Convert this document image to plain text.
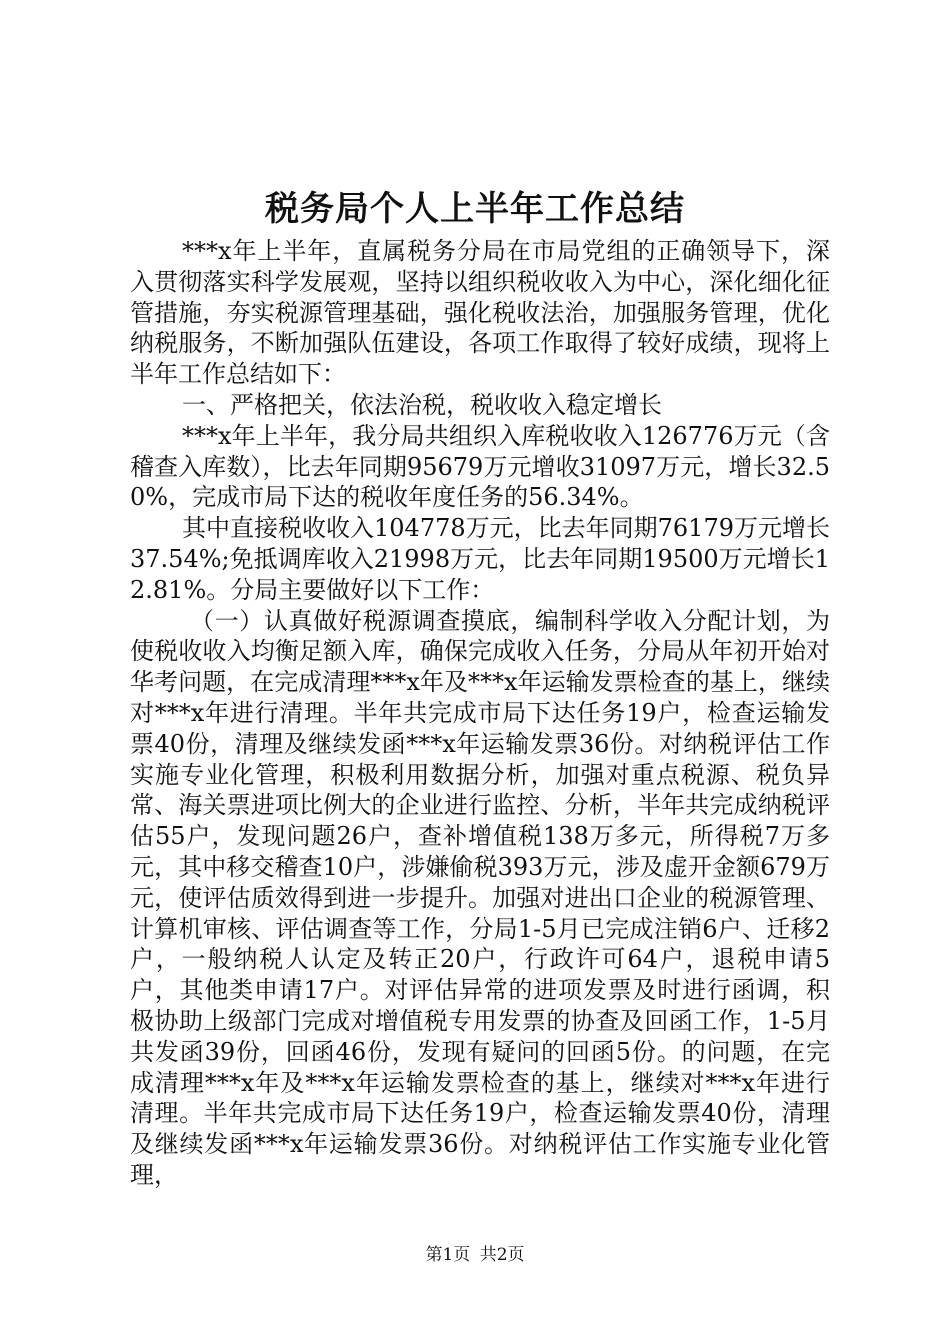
税务局个人上半年工作总结

***x年上半年，直属税务分局在市局党组的正确领导下，深入贯彻落实科学发展观，坚持以组织税收收入为中心，深化细化征管措施，夯实税源管理基础，强化税收法治，加强服务管理，优化纳税服务，不断加强队伍建设，各项工作取得了较好成绩，现将上半年工作总结如下：

一、严格把关，依法治税，税收收入稳定增长

***x年上半年，我分局共组织入库税收收入126776万元（含稽查入库数），比去年同期95679万元增收31097万元，增长32.50%，完成市局下达的税收年度任务的56.34%。

其中直接税收收入104778万元，比去年同期76179万元增长37.54%;免抵调库收入21998万元，比去年同期19500万元增长12.81%。分局主要做好以下工作：

（一）认真做好税源调查摸底，编制科学收入分配计划，为使税收收入均衡足额入库，确保完成收入任务，分局从年初开始对华考问题，在完成清理***x年及***x年运输发票检查的基上，继续对***x年进行清理。半年共完成市局下达任务19户，检查运输发票40份，清理及继续发函***x年运输发票36份。对纳税评估工作实施专业化管理，积极利用数据分析，加强对重点税源、税负异常、海关票进项比例大的企业进行监控、分析，半年共完成纳税评估55户，发现问题26户，查补增值税138万多元，所得税7万多元，其中移交稽查10户，涉嫌偷税393万元，涉及虚开金额679万元，使评估质效得到进一步提升。加强对进出口企业的税源管理、计算机审核、评估调查等工作，分局1-5月已完成注销6户、迁移2户，一般纳税人认定及转正20户，行政许可64户，退税申请5户，其他类申请17户。对评估异常的进项发票及时进行函调，积极协助上级部门完成对增值税专用发票的协查及回函工作，1-5月共发函39份，回函46份，发现有疑问的回函5份。的问题，在完成清理***x年及***x年运输发票检查的基上，继续对***x年进行清理。半年共完成市局下达任务19户，检查运输发票40份，清理及继续发函***x年运输发票36份。对纳税评估工作实施专业化管理，

第1页 共2页
